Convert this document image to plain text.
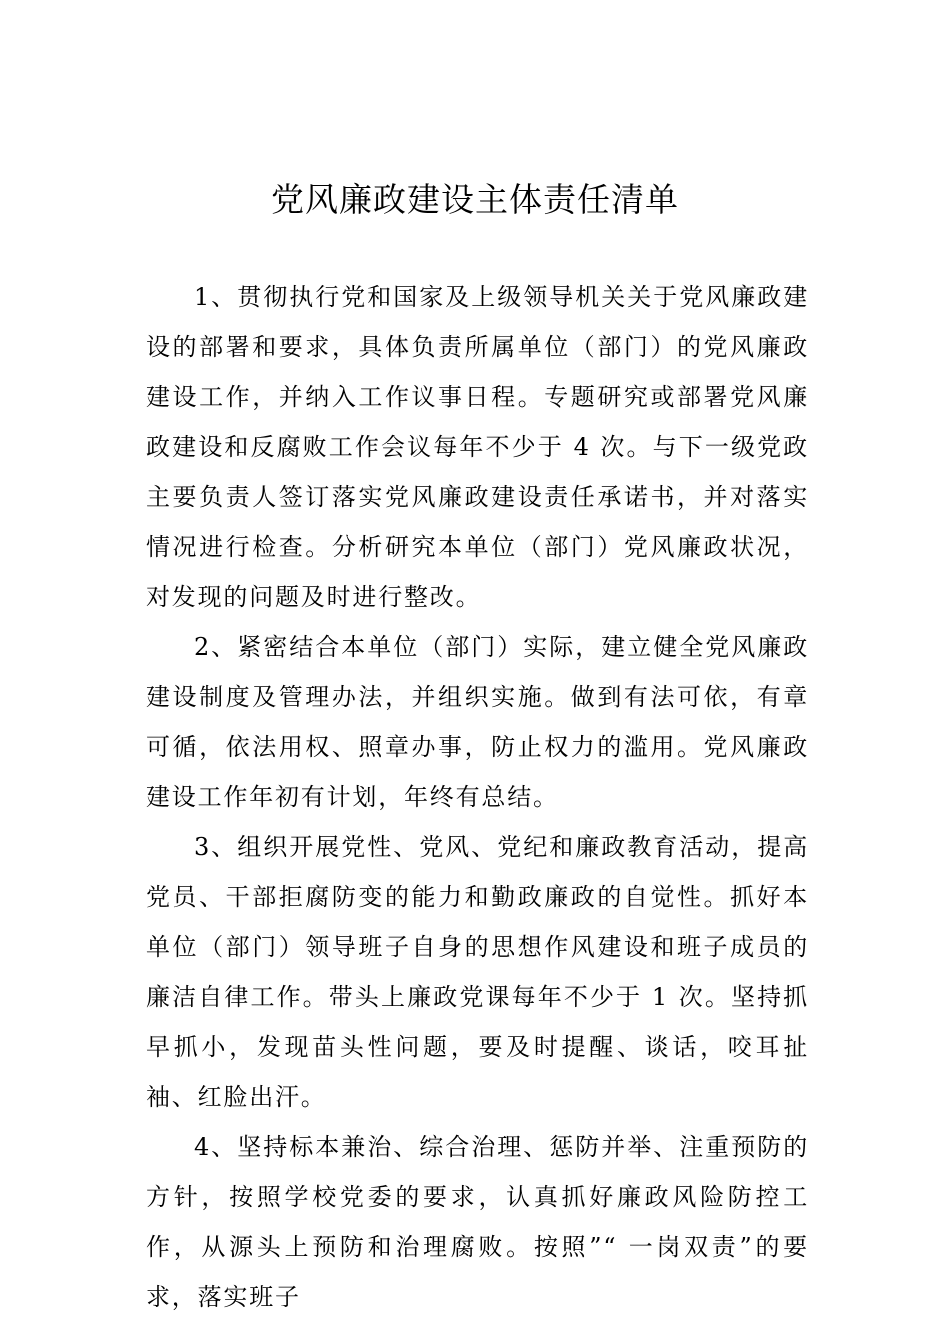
党风廉政建设主体责任清单

1、贯彻执行党和国家及上级领导机关关于党风廉政建设的部署和要求，具体负责所属单位（部门）的党风廉政建设工作，并纳入工作议事日程。专题研究或部署党风廉政建设和反腐败工作会议每年不少于 4 次。与下一级党政主要负责人签订落实党风廉政建设责任承诺书，并对落实情况进行检查。分析研究本单位（部门）党风廉政状况，对发现的问题及时进行整改。

2、紧密结合本单位（部门）实际，建立健全党风廉政建设制度及管理办法，并组织实施。做到有法可依，有章可循，依法用权、照章办事，防止权力的滥用。党风廉政建设工作年初有计划，年终有总结。

3、组织开展党性、党风、党纪和廉政教育活动，提高党员、干部拒腐防变的能力和勤政廉政的自觉性。抓好本单位（部门）领导班子自身的思想作风建设和班子成员的廉洁自律工作。带头上廉政党课每年不少于 1 次。坚持抓早抓小，发现苗头性问题，要及时提醒、谈话，咬耳扯袖、红脸出汗。

4、坚持标本兼治、综合治理、惩防并举、注重预防的方针，按照学校党委的要求，认真抓好廉政风险防控工作，从源头上预防和治理腐败。按照”“ 一岗双责”的要求，落实班子
